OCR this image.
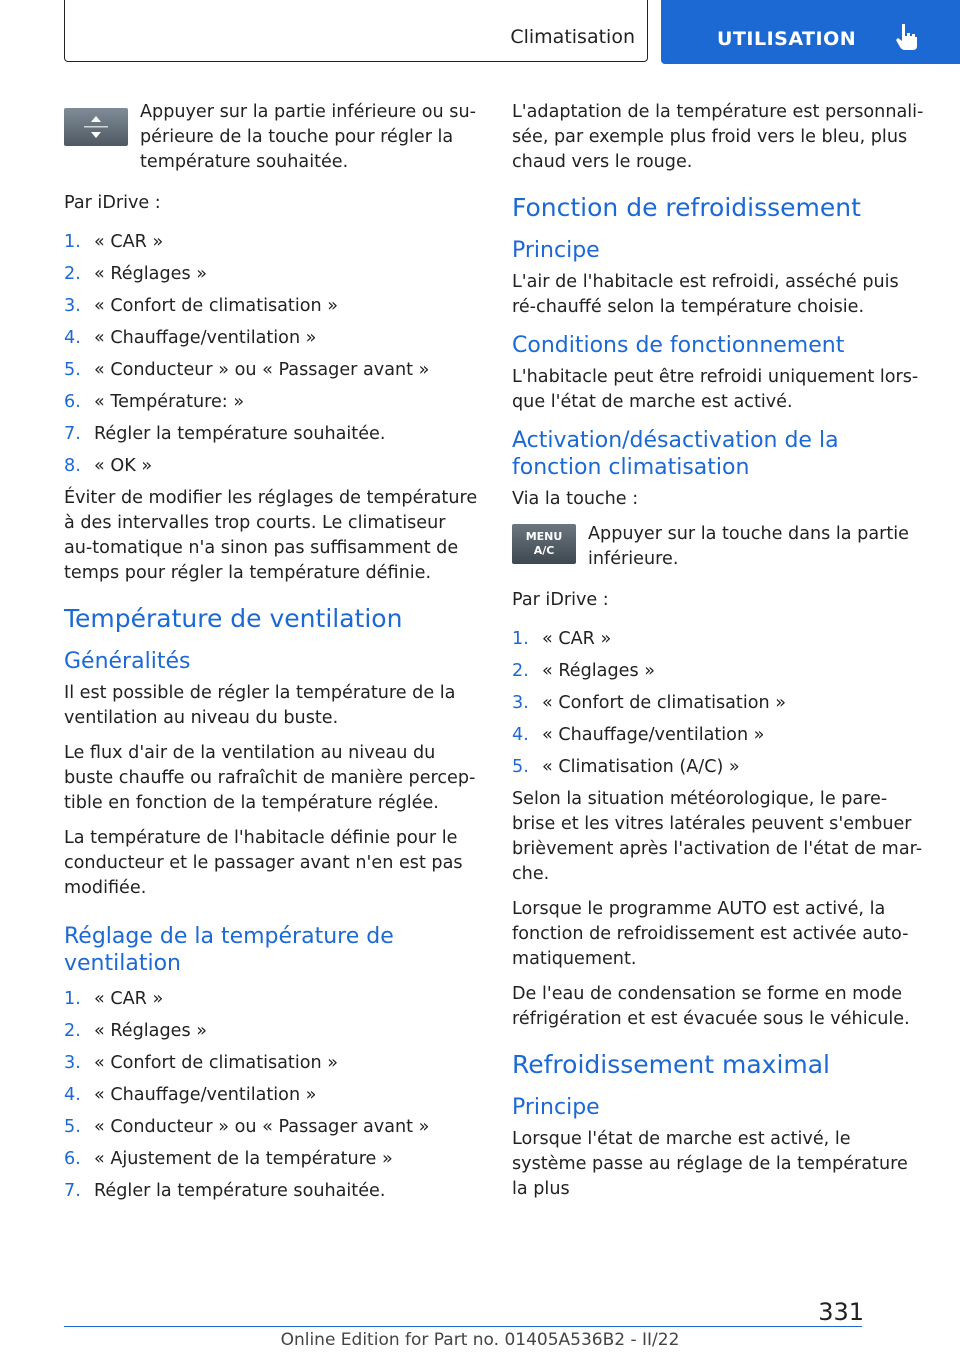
Climatisation	UTILISATION

Appuyer sur la partie inférieure ou su-périeure de la touche pour régler la température souhaitée.

Par iDrive :

1. « CAR »
2. « Réglages »
3. « Confort de climatisation »
4. « Chauffage/ventilation »
5. « Conducteur » ou « Passager avant »
6. « Température: »
7. Régler la température souhaitée.
8. « OK »

Éviter de modifier les réglages de température à des intervalles trop courts. Le climatiseur au-tomatique n'a sinon pas suffisamment de temps pour régler la température définie.

Température de ventilation
Généralités

Il est possible de régler la température de la ventilation au niveau du buste.

Le flux d'air de la ventilation au niveau du buste chauffe ou rafraîchit de manière percep-tible en fonction de la température réglée.

La température de l'habitacle définie pour le conducteur et le passager avant n'en est pas modifiée.

Réglage de la température de ventilation
1. « CAR »
2. « Réglages »
3. « Confort de climatisation »
4. « Chauffage/ventilation »
5. « Conducteur » ou « Passager avant »
6. « Ajustement de la température »
7. Régler la température souhaitée.

L'adaptation de la température est personnali-sée, par exemple plus froid vers le bleu, plus chaud vers le rouge.

Fonction de refroidissement
Principe

L'air de l'habitacle est refroidi, asséché puis ré-chauffé selon la température choisie.

Conditions de fonctionnement

L'habitacle peut être refroidi uniquement lors-que l'état de marche est activé.

Activation/désactivation de la fonction climatisation

Via la touche :

MENU
A/C

Appuyer sur la touche dans la partie inférieure.

Par iDrive :

1. « CAR »
2. « Réglages »
3. « Confort de climatisation »
4. « Chauffage/ventilation »
5. « Climatisation (A/C) »

Selon la situation météorologique, le pare-brise et les vitres latérales peuvent s'embuer brièvement après l'activation de l'état de mar-che.

Lorsque le programme AUTO est activé, la fonction de refroidissement est activée auto-matiquement.

De l'eau de condensation se forme en mode réfrigération et est évacuée sous le véhicule.

Refroidissement maximal
Principe

Lorsque l'état de marche est activé, le système passe au réglage de la température la plus

331
Online Edition for Part no. 01405A536B2 - II/22
